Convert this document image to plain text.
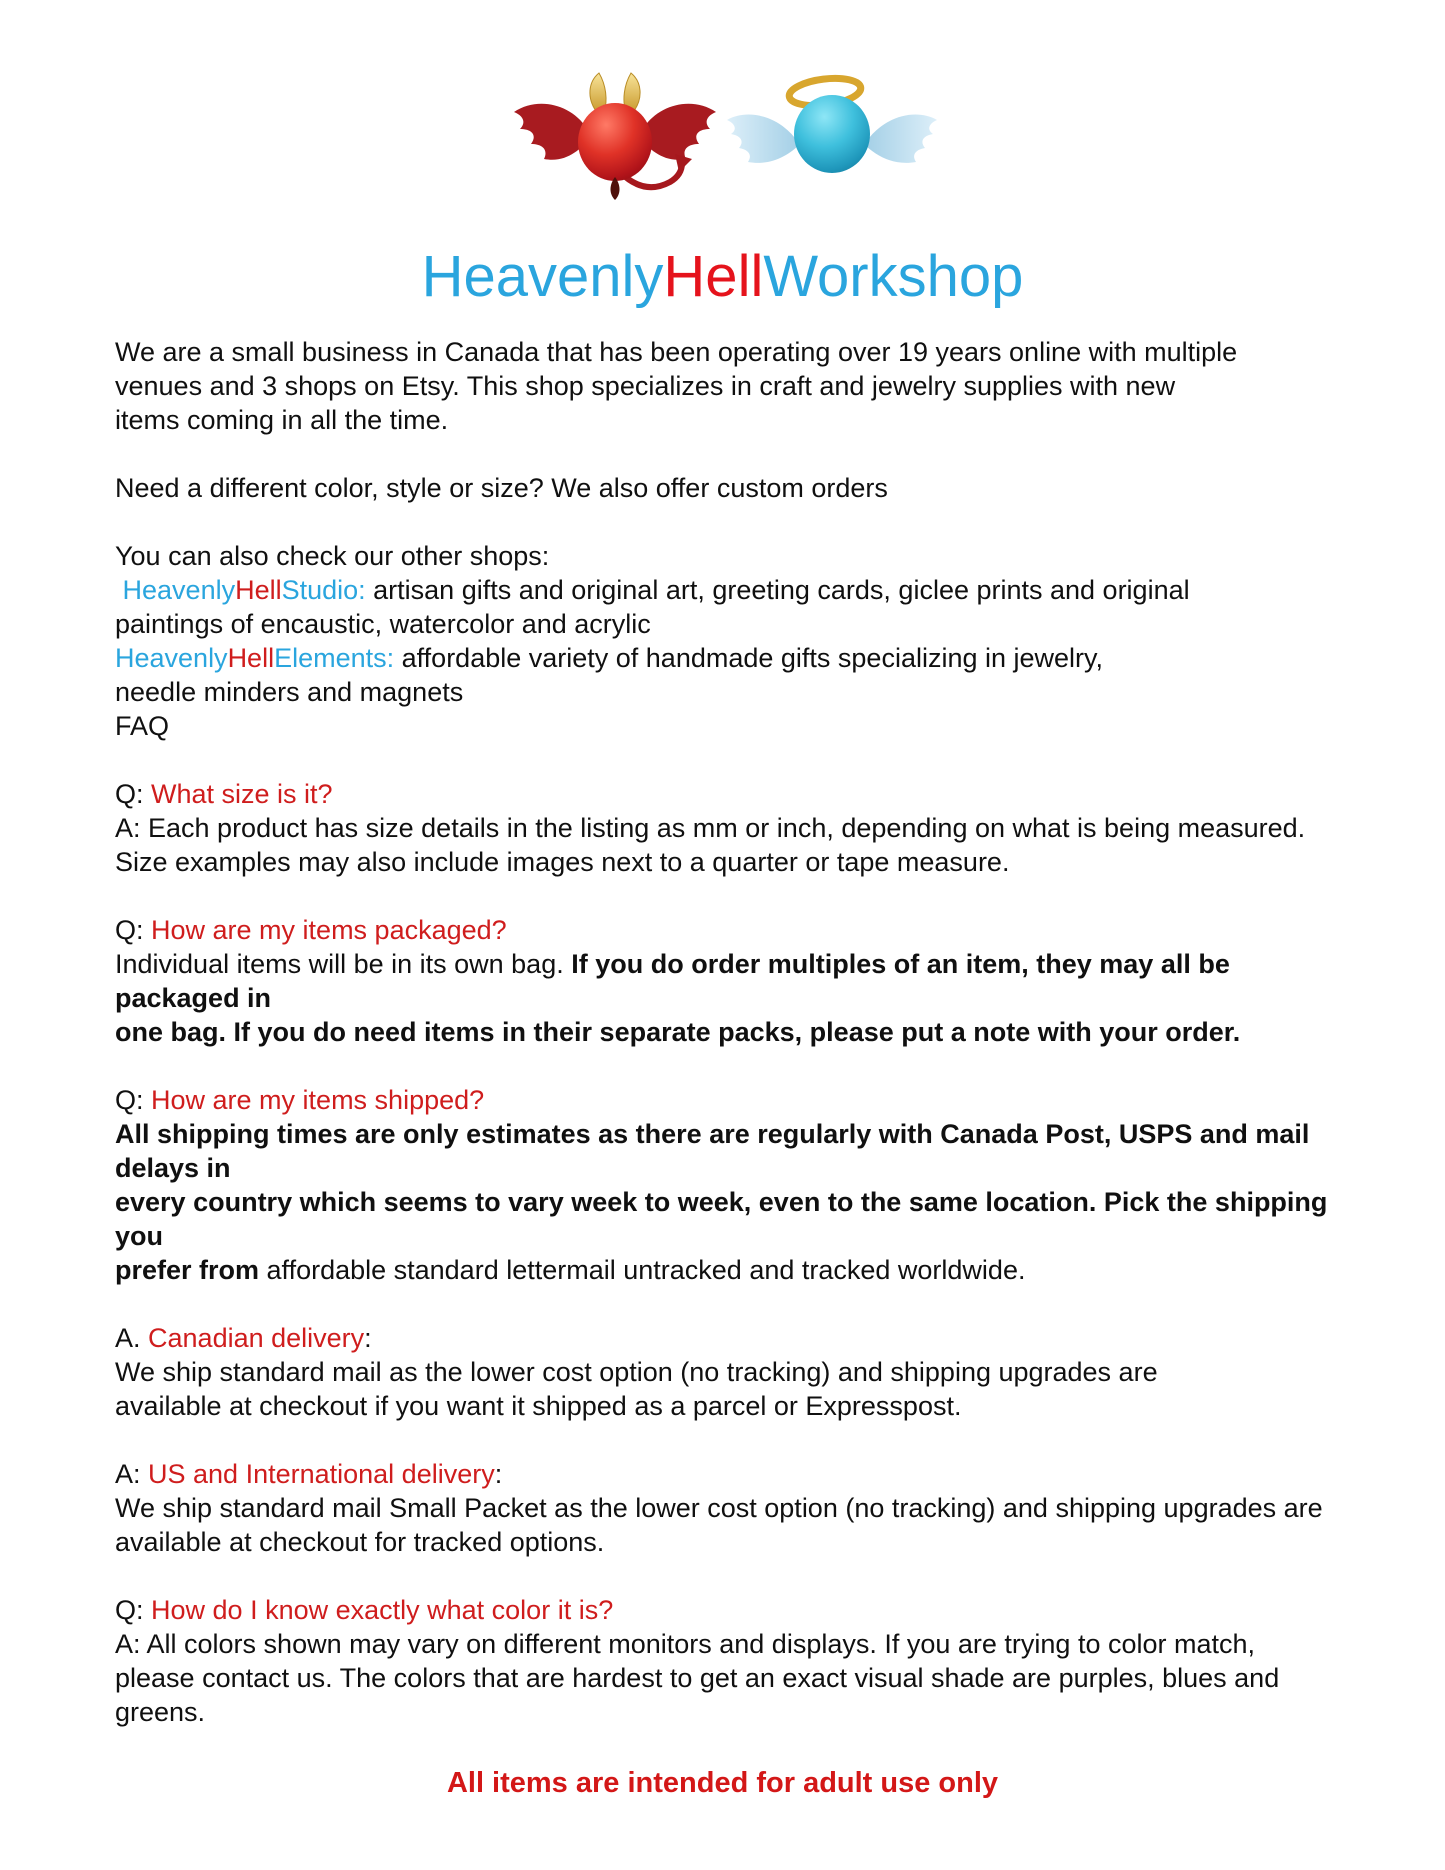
HeavenlyHellWorkshop
We are a small business in Canada that has been operating over 19 years online with multiple
venues and 3 shops on Etsy. This shop specializes in craft and jewelry supplies with new
items coming in all the time.
Need a different color, style or size? We also offer custom orders
You can also check our other shops:
HeavenlyHellStudio: artisan gifts and original art, greeting cards, giclee prints and original
paintings of encaustic, watercolor and acrylic
HeavenlyHellElements: affordable variety of handmade gifts specializing in jewelry,
needle minders and magnets
FAQ
Q: What size is it?
A: Each product has size details in the listing as mm or inch, depending on what is being measured.
Size examples may also include images next to a quarter or tape measure.
Q: How are my items packaged?
Individual items will be in its own bag. If you do order multiples of an item, they may all be packaged in
one bag. If you do need items in their separate packs, please put a note with your order.
Q: How are my items shipped?
All shipping times are only estimates as there are regularly with Canada Post, USPS and mail delays in
every country which seems to vary week to week, even to the same location. Pick the shipping you
prefer from affordable standard lettermail untracked and tracked worldwide.
A. Canadian delivery:
We ship standard mail as the lower cost option (no tracking) and shipping upgrades are
available at checkout if you want it shipped as a parcel or Expresspost.
A: US and International delivery:
We ship standard mail Small Packet as the lower cost option (no tracking) and shipping upgrades are
available at checkout for tracked options.
Q: How do I know exactly what color it is?
A: All colors shown may vary on different monitors and displays. If you are trying to color match,
please contact us. The colors that are hardest to get an exact visual shade are purples, blues and
greens.
All items are intended for adult use only
